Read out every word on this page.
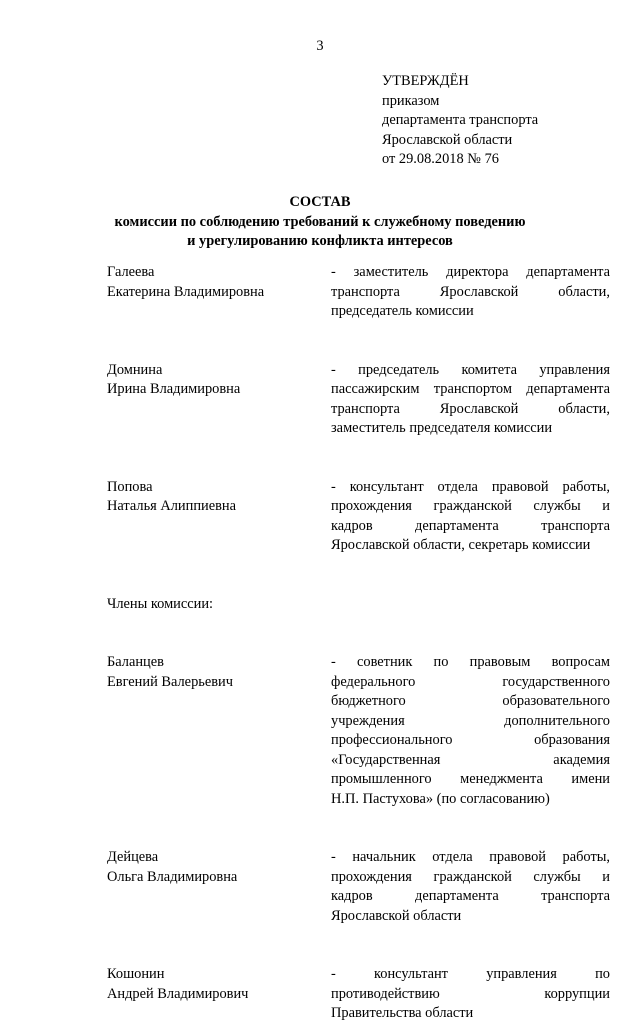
3
УТВЕРЖДЁН
приказом
департамента транспорта
Ярославской области
от 29.08.2018 № 76
СОСТАВ
комиссии по соблюдению требований к служебному поведению
и урегулированию конфликта интересов
Галеева
Екатерина Владимировна
- заместитель директора департамента
транспорта Ярославской области,
председатель комиссии
Домнина
Ирина Владимировна
- председатель комитета управления
пассажирским транспортом департамента
транспорта Ярославской области,
заместитель председателя комиссии
Попова
Наталья Алиппиевна
- консультант отдела правовой работы,
прохождения гражданской службы и
кадров департамента транспорта
Ярославской области, секретарь комиссии
Члены комиссии:
Баланцев
Евгений Валерьевич
- советник по правовым вопросам
федерального государственного
бюджетного образовательного
учреждения дополнительного
профессионального образования
«Государственная академия
промышленного менеджмента имени
Н.П. Пастухова» (по согласованию)
Дейцева
Ольга Владимировна
- начальник отдела правовой работы,
прохождения гражданской службы и
кадров департамента транспорта
Ярославской области
Кошонин
Андрей Владимирович
- консультант управления по
противодействию коррупции
Правительства области
